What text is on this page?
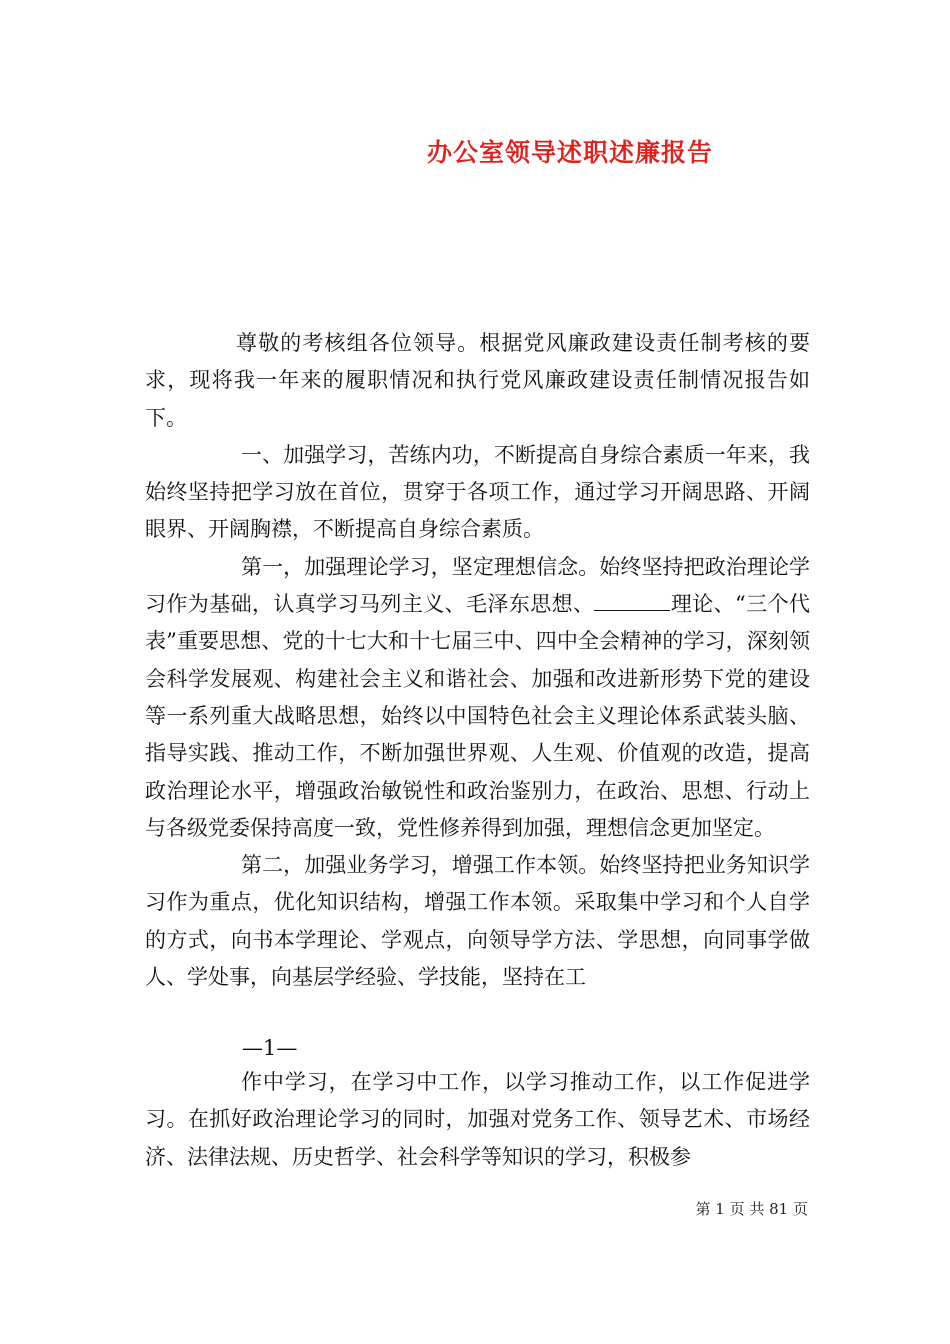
办公室领导述职述廉报告

尊敬的考核组各位领导。根据党风廉政建设责任制考核的要求，现将我一年来的履职情况和执行党风廉政建设责任制情况报告如下。

一、加强学习，苦练内功，不断提高自身综合素质一年来，我始终坚持把学习放在首位，贯穿于各项工作，通过学习开阔思路、开阔眼界、开阔胸襟，不断提高自身综合素质。

第一，加强理论学习，坚定理想信念。始终坚持把政治理论学习作为基础，认真学习马列主义、毛泽东思想、	理论、“三个代表”重要思想、党的十七大和十七届三中、四中全会精神的学习，深刻领会科学发展观、构建社会主义和谐社会、加强和改进新形势下党的建设等一系列重大战略思想，始终以中国特色社会主义理论体系武装头脑、指导实践、推动工作，不断加强世界观、人生观、价值观的改造，提高政治理论水平，增强政治敏锐性和政治鉴别力，在政治、思想、行动上与各级党委保持高度一致，党性修养得到加强，理想信念更加坚定。

第二，加强业务学习，增强工作本领。始终坚持把业务知识学习作为重点，优化知识结构，增强工作本领。采取集中学习和个人自学的方式，向书本学理论、学观点，向领导学方法、学思想，向同事学做人、学处事，向基层学经验、学技能，坚持在工

—1—

作中学习，在学习中工作，以学习推动工作，以工作促进学习。在抓好政治理论学习的同时，加强对党务工作、领导艺术、市场经济、法律法规、历史哲学、社会科学等知识的学习，积极参

第 1 页 共 81 页
